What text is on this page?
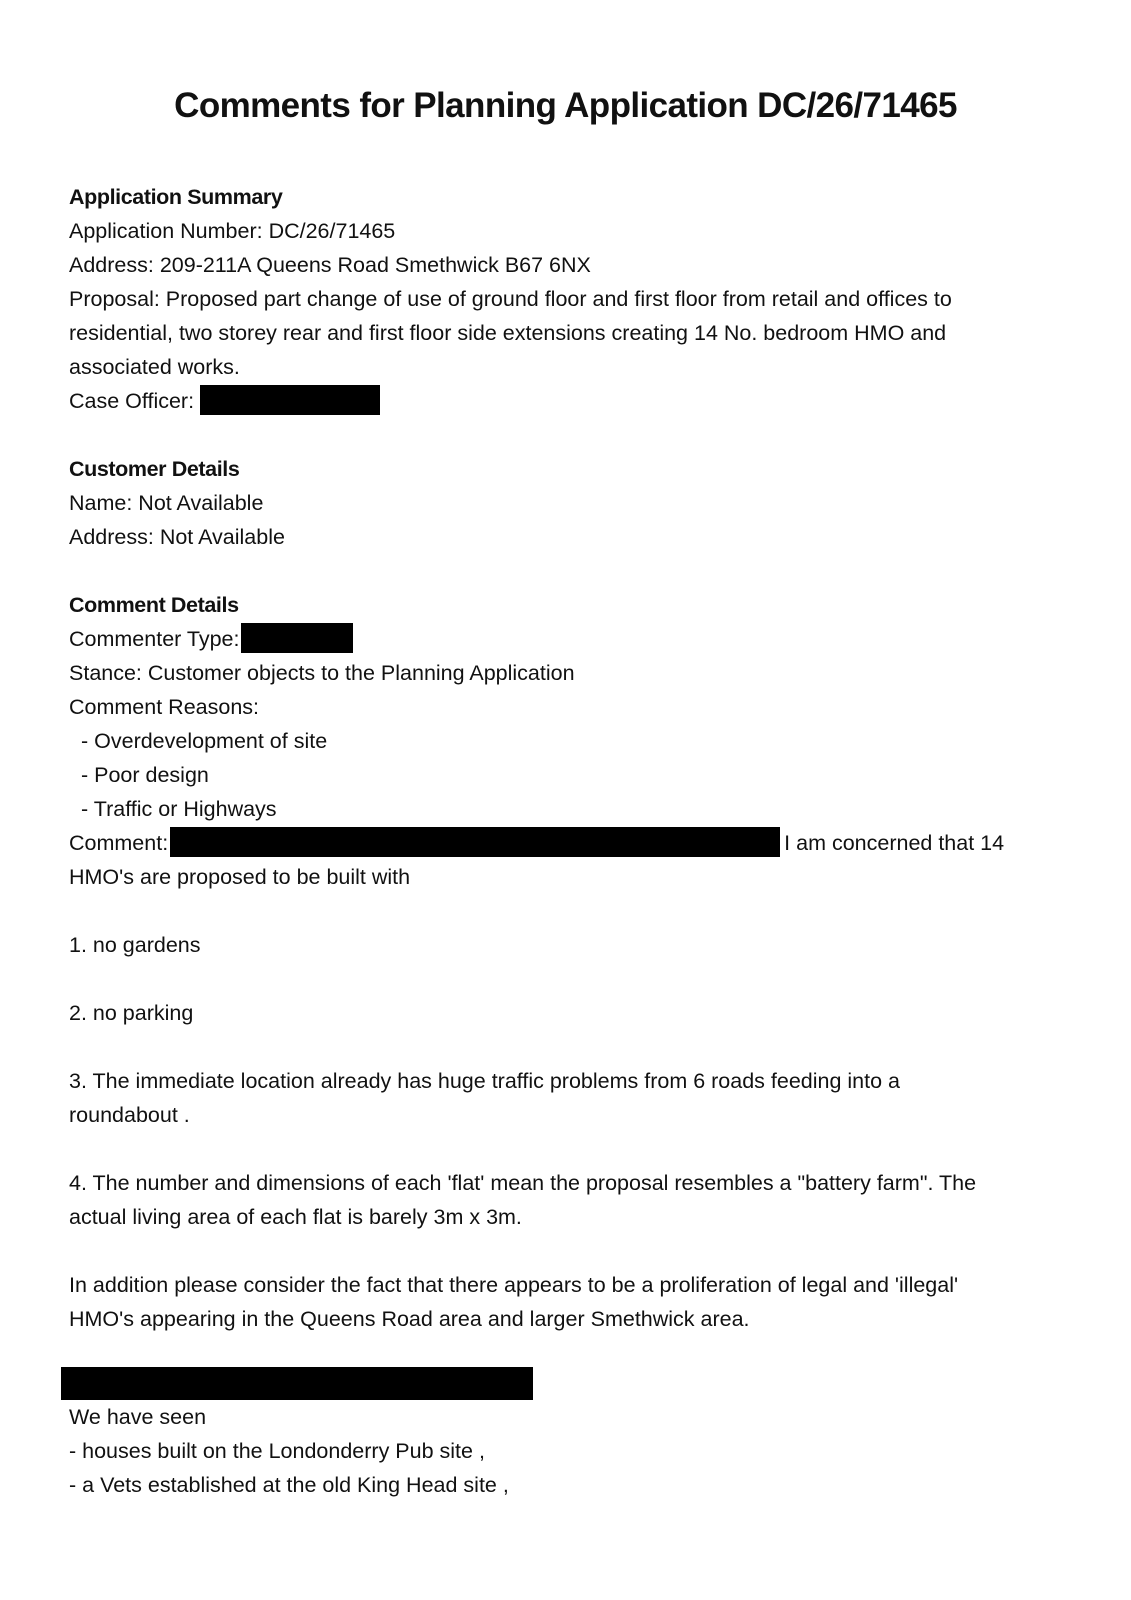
Comments for Planning Application DC/26/71465

Application Summary

Application Number: DC/26/71465

Address: 209-211A Queens Road Smethwick B67 6NX

Proposal: Proposed part change of use of ground floor and first floor from retail and offices to residential, two storey rear and first floor side extensions creating 14 No. bedroom HMO and associated works.

Case Officer:

Customer Details

Name: Not Available

Address: Not Available

Comment Details

Commenter Type:

Stance: Customer objects to the Planning Application

Comment Reasons:

- Overdevelopment of site

- Poor design

- Traffic or Highways

Comment:	I am concerned that 14

HMO's are proposed to be built with

1. no gardens

2. no parking

3. The immediate location already has huge traffic problems from 6 roads feeding into a roundabout .

4. The number and dimensions of each 'flat' mean the proposal resembles a "battery farm". The actual living area of each flat is barely 3m x 3m.

In addition please consider the fact that there appears to be a proliferation of legal and 'illegal' HMO's appearing in the Queens Road area and larger Smethwick area.

We have seen

- houses built on the Londonderry Pub site ,

- a Vets established at the old King Head site ,
